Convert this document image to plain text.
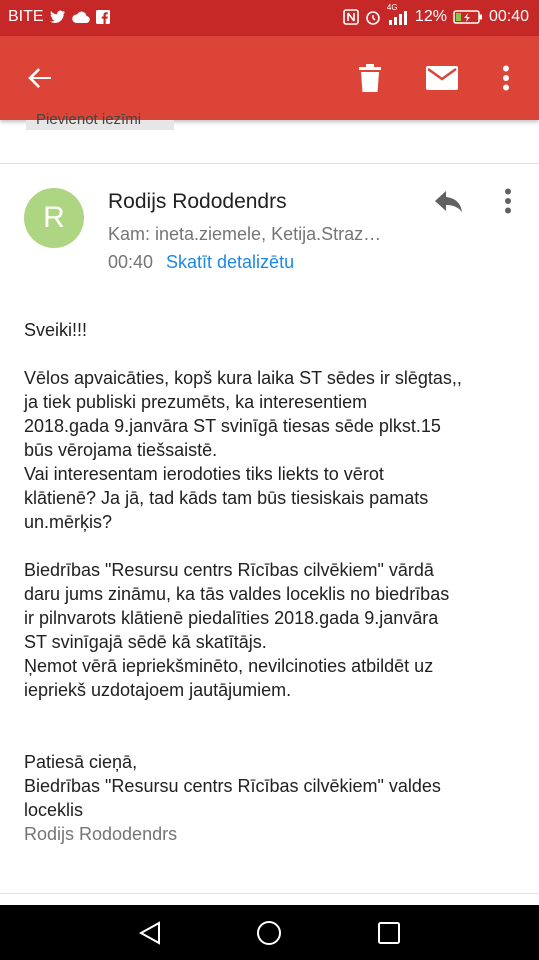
BITE
4G
12%	00:40
Pievienot iezīmi
R Rodijs Rododendrs
Kam: ineta.ziemele, Ketija.Straz…
00:40 Skatīt detalizētu

Sveiki!!!

Vēlos apvaicāties, kopš kura laika ST sēdes ir slēgtas,,
ja tiek publiski prezumēts, ka interesentiem
2018.gada 9.janvāra ST svinīgā tiesas sēde plkst.15
būs vērojama tiešsaistē.
Vai interesentam ierodoties tiks liekts to vērot
klātienē? Ja jā, tad kāds tam būs tiesiskais pamats
un.mērķis?

Biedrības "Resursu centrs Rīcības cilvēkiem" vārdā
daru jums zināmu, ka tās valdes loceklis no biedrības
ir pilnvarots klātienē piedalīties 2018.gada 9.janvāra
ST svinīgajā sēdē kā skatītājs.
Ņemot vērā iepriekšminēto, nevilcinoties atbildēt uz
iepriekš uzdotajoem jautājumiem.

Patiesā cieņā,
Biedrības "Resursu centrs Rīcības cilvēkiem" valdes
loceklis

Rodijs Rododendrs
